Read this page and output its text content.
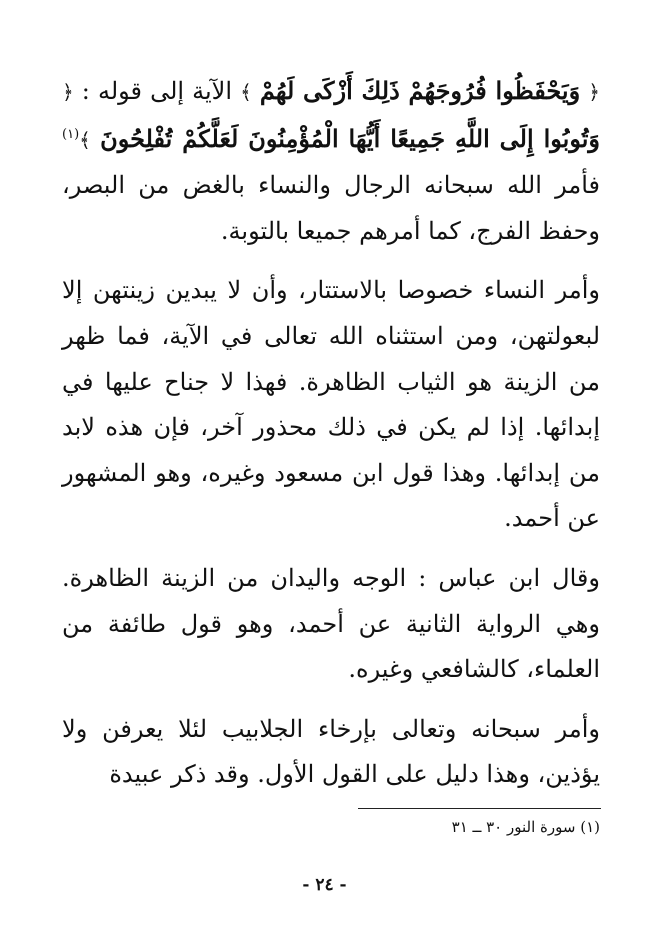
﴿ وَيَحْفَظُوا فُرُوجَهُمْ ذَلِكَ أَزْكَى لَهُمْ ﴾ الآية إلى قوله : ﴿ وَتُوبُوا إِلَى اللَّهِ جَمِيعًا أَيُّهَا الْمُؤْمِنُونَ لَعَلَّكُمْ تُفْلِحُونَ ﴾$^{(١)}$ فأمر الله سبحانه الرجال والنساء بالغض من البصر، وحفظ الفرج، كما أمرهم جميعا بالتوبة.

وأمر النساء خصوصا بالاستتار، وأن لا يبدين زينتهن إلا لبعولتهن، ومن استثناه الله تعالى في الآية، فما ظهر من الزينة هو الثياب الظاهرة. فهذا لا جناح عليها في إبدائها. إذا لم يكن في ذلك محذور آخر، فإن هذه لابد من إبدائها. وهذا قول ابن مسعود وغيره، وهو المشهور عن أحمد.

وقال ابن عباس : الوجه واليدان من الزينة الظاهرة. وهي الرواية الثانية عن أحمد، وهو قول طائفة من العلماء، كالشافعي وغيره.

وأمر سبحانه وتعالى بإرخاء الجلابيب لئلا يعرفن ولا يؤذين، وهذا دليل على القول الأول. وقد ذكر عبيدة

(١) سورة النور ٣٠ ــ ٣١
- ٢٤ -
